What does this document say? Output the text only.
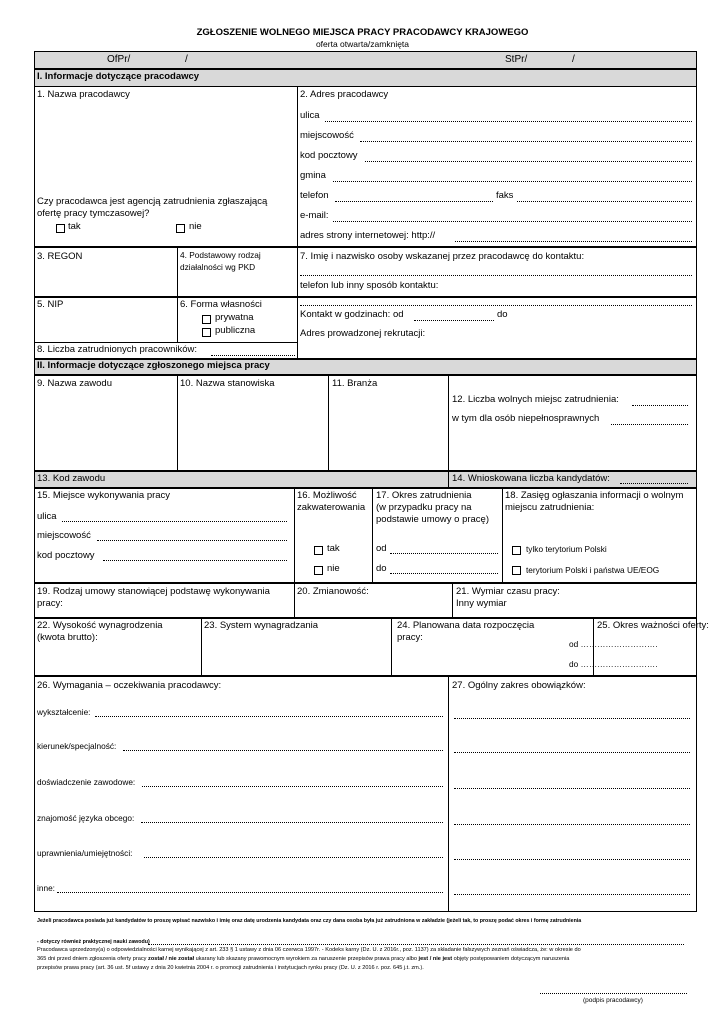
ZGŁOSZENIE WOLNEGO MIEJSCA PRACY PRACODAWCY KRAJOWEGO
oferta otwarta/zamknięta
OfPr/	/	StPr/	/
I. Informacje dotyczące pracodawcy
1. Nazwa pracodawcy	2. Adres pracodawcy
ulica
miejscowość
kod pocztowy
gmina
telefon	faks
e-mail:
adres strony internetowej: http://
Czy pracodawca jest agencją zatrudnienia zgłaszającą
ofertę pracy tymczasowej?
tak	nie
3. REGON	4. Podstawowy rodzaj
działalności wg PKD
7. Imię i nazwisko osoby wskazanej przez pracodawcę do kontaktu:
telefon lub inny sposób kontaktu:
5. NIP	6. Forma własności
prywatna
publiczna
Kontakt w godzinach: od	do
Adres prowadzonej rekrutacji:
8. Liczba zatrudnionych pracowników:
II. Informacje dotyczące zgłoszonego miejsca pracy
9. Nazwa zawodu	10. Nazwa stanowiska	11. Branża
12. Liczba wolnych miejsc zatrudnienia:
w tym dla osób niepełnosprawnych
13. Kod zawodu	14. Wnioskowana liczba kandydatów:
15. Miejsce wykonywania pracy
ulica
miejscowość
kod pocztowy
16. Możliwość
zakwaterowania
tak
nie
17. Okres zatrudnienia
(w przypadku pracy na
podstawie umowy o pracę)
od
do
18. Zasięg ogłaszania informacji o wolnym
miejscu zatrudnienia:
tylko terytorium Polski
terytorium Polski i państwa UE/EOG
19. Rodzaj umowy stanowiącej podstawę wykonywania
pracy:
20. Zmianowość:	21. Wymiar czasu pracy:
Inny wymiar
22. Wysokość wynagrodzenia
(kwota brutto):
23. System wynagradzania	24. Planowana data rozpoczęcia
pracy:
25. Okres ważności oferty:
od ……………………….
do ……………………….
26. Wymagania – oczekiwania pracodawcy:	27. Ogólny zakres obowiązków:
wykształcenie:
kierunek/specjalność:
doświadczenie zawodowe:
znajomość języka obcego:
uprawnienia/umiejętności:
inne:
Jeżeli pracodawca posiada już kandydatów to proszę wpisać nazwisko i imię oraz datę urodzenia kandydata oraz czy dana osoba była już zatrudniona w zakładzie (jeżeli tak, to proszę podać okres i formę zatrudnienia
- dotyczy również praktycznej nauki zawodu)
Pracodawca uprzedzony(a) o odpowiedzialności karnej wynikającej z art. 233 § 1 ustawy z dnia 06 czerwca 1997r. - Kodeks karny (Dz. U. z 2016r., poz. 1137) za składanie fałszywych zeznań oświadcza, że: w okresie do
365 dni przed dniem zgłoszenia oferty pracy został / nie został ukarany lub skazany prawomocnym wyrokiem za naruszenie przepisów prawa pracy albo jest / nie jest objęty postępowaniem dotyczącym naruszenia
przepisów prawa pracy (art. 36 ust. 5f ustawy z dnia 20 kwietnia 2004 r. o promocji zatrudnienia i instytucjach rynku pracy (Dz. U. z 2016 r. poz. 645 j.t. zm.).
(podpis pracodawcy)
